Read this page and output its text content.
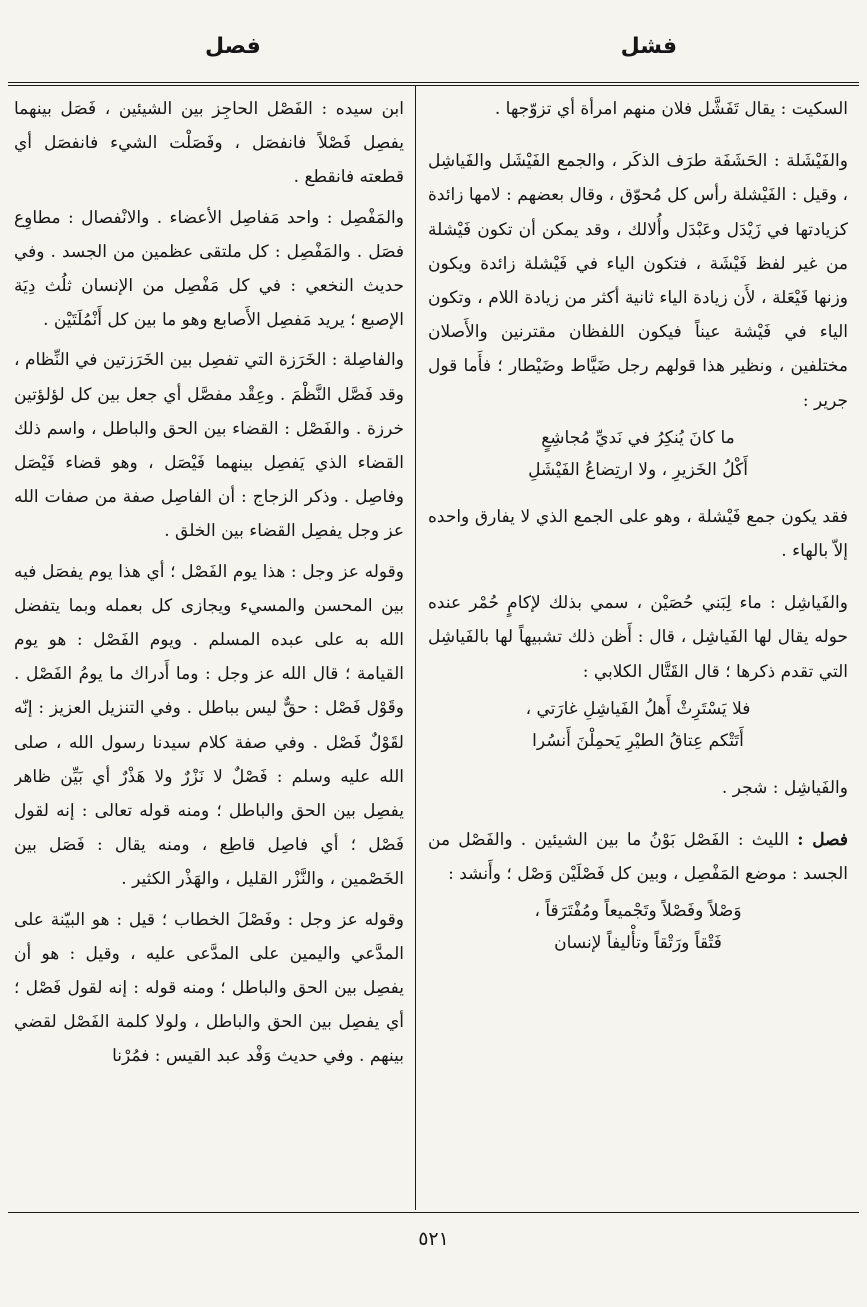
فشل
فصل

السكيت : يقال تَفَشَّل فلان منهم امرأة أي تزوّجها .

والفَيْشَلة : الحَشَفَة طرَف الذكَر ، والجمع الفَيْشَل والفَياشِل ، وقيل : الفَيْشلة رأس كل مُحوّق ، وقال بعضهم : لامها زائدة كزيادتها في زَيْدَل وعَبْدَل وأُلالك ، وقد يمكن أن تكون فَيْشلة من غير لفظ فَيْشَة ، فتكون الياء في فَيْشلة زائدة ويكون وزنها فَيْعَلة ، لأَن زيادة الياء ثانية أكثر من زيادة اللام ، وتكون الياء في فَيْشة عيناً فيكون اللفظان مقترنين والأَصلان مختلفين ، ونظير هذا قولهم رجل ضَيَّاط وضَيْطار ؛ فأَما قول جرير :

ما كانَ يُنكِرُ في نَديِّ مُجاشِعٍ
أَكْلُ الخَزيرِ ، ولا ارتِضاعُ الفَيْشَلِ

فقد يكون جمع فَيْشلة ، وهو على الجمع الذي لا يفارق واحده إلاّ بالهاء .

والفَياشِل : ماء لِبَني حُصَيْن ، سمي بذلك لإكامٍ حُمْر عنده حوله يقال لها الفَياشِل ، قال : أَظن ذلك تشبيهاً لها بالفَياشِل التي تقدم ذكرها ؛ قال القَتَّال الكلابي :

فلا يَسْتَرِثْ أَهلُ الفَياشِلِ غارَتي ،
أَتَتْكم عِتاقُ الطيْرِ يَحمِلْنَ أَنسُرا

والفَياشِل : شجر .

فصل : الليث : الفَصْل بَوْنُ ما بين الشيئين . والفَصْل من الجسد : موضع المَفْصِل ، وبين كل فَصْلَيْن وَصْل ؛ وأَنشد :

وَصْلاً وفَصْلاً وتَجْميعاً ومُفْتَرَقاً ،
فَتْقاً ورَتْقاً وتأْليفاً لإنسان

ابن سيده : الفَصْل الحاجِز بين الشيئين ، فَصَل بينهما يفصِل فَصْلاً فانفصَل ، وفَصَلْت الشيء فانفصَل أي قطعته فانقطع .

والمَفْصِل : واحد مَفاصِل الأعضاء . والانْفصال : مطاوِع فصَل . والمَفْصِل : كل ملتقى عظمين من الجسد . وفي حديث النخعي : في كل مَفْصِل من الإنسان ثلُث دِيَة الإصبع ؛ يريد مَفصِل الأَصابع وهو ما بين كل أَنْمُلَتَيْن .

والفاصِلة : الخَرَزة التي تفصِل بين الخَرَزتين في النِّظام ، وقد فَصَّل النَّظْمَ . وعِقْد مفصَّل أي جعل بين كل لؤلؤتين خرزة . والفَصْل : القضاء بين الحق والباطل ، واسم ذلك القضاء الذي يَفصِل بينهما فَيْصَل ، وهو قضاء فَيْصَل وفاصِل . وذكر الزجاج : أن الفاصِل صفة من صفات الله عز وجل يفصِل القضاء بين الخلق .

وقوله عز وجل : هذا يوم الفَصْل ؛ أي هذا يوم يفصَل فيه بين المحسن والمسيء ويجازى كل بعمله وبما يتفضل الله به على عبده المسلم . ويوم الفَصْل : هو يوم القيامة ؛ قال الله عز وجل : وما أَدراك ما يومُ الفَصْل . وقَوْل فَصْل : حقٌّ ليس بباطل . وفي التنزيل العزيز : إنّه لقَوْلٌ فَصْل . وفي صفة كلام سيدنا رسول الله ، صلى الله عليه وسلم : فَصْلٌ لا نَزْرٌ ولا هَذْرٌ أي بَيِّن ظاهر يفصِل بين الحق والباطل ؛ ومنه قوله تعالى : إنه لقول فَصْل ؛ أي فاصِل قاطِع ، ومنه يقال : فَصَل بين الخَصْمين ، والنَّزْر القليل ، والهَذْر الكثير .

وقوله عز وجل : وفَصْلَ الخطاب ؛ قيل : هو البيّنة على المدَّعي واليمين على المدَّعى عليه ، وقيل : هو أن يفصِل بين الحق والباطل ؛ ومنه قوله : إنه لقول فَصْل ؛ أي يفصِل بين الحق والباطل ، ولولا كلمة الفَصْل لقضي بينهم . وفي حديث وَفْد عبد القيس : فمُرْنا

٥٢١
